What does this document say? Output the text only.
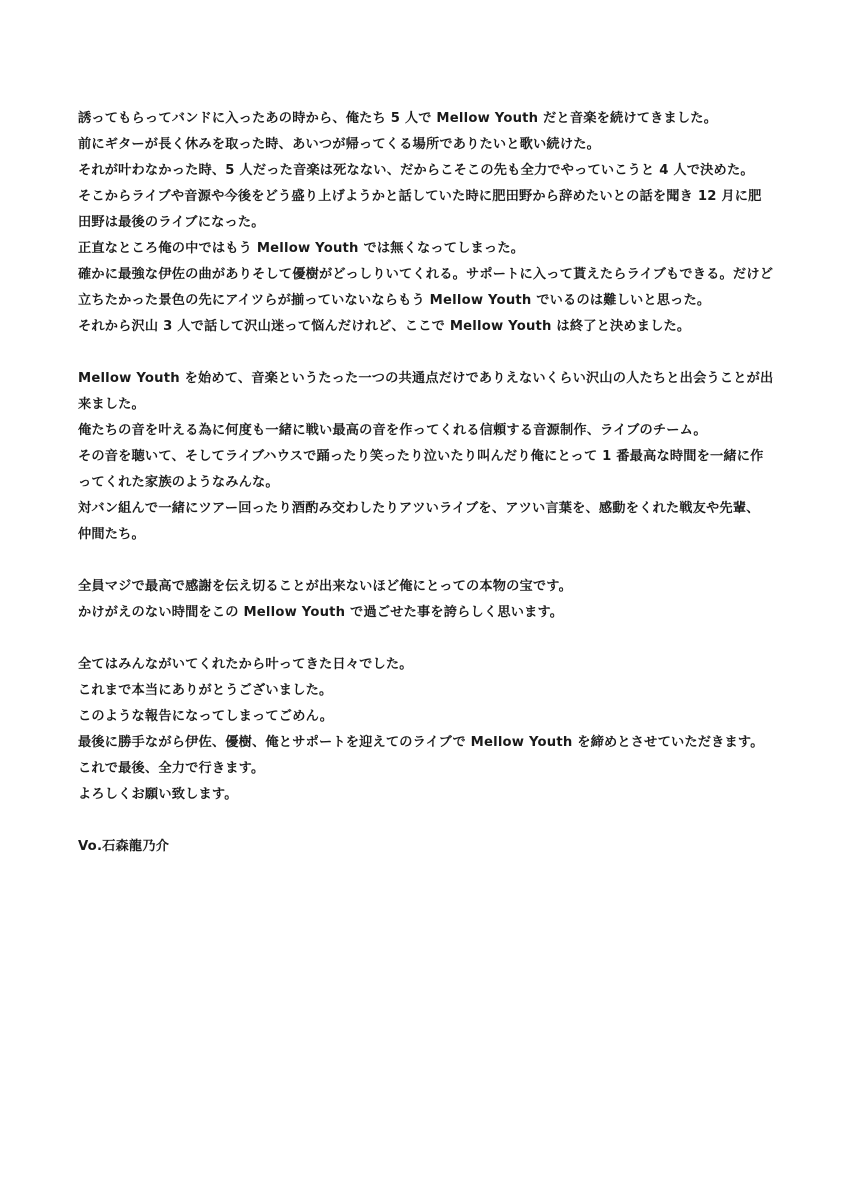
誘ってもらってバンドに入ったあの時から、俺たち 5 人で Mellow Youth だと音楽を続けてきました。
前にギターが長く休みを取った時、あいつが帰ってくる場所でありたいと歌い続けた。
それが叶わなかった時、5 人だった音楽は死なない、だからこそこの先も全力でやっていこうと 4 人で決めた。
そこからライブや音源や今後をどう盛り上げようかと話していた時に肥田野から辞めたいとの話を聞き 12 月に肥
田野は最後のライブになった。
正直なところ俺の中ではもう Mellow Youth では無くなってしまった。
確かに最強な伊佐の曲がありそして優樹がどっしりいてくれる。サポートに入って貰えたらライブもできる。だけど
立ちたかった景色の先にアイツらが揃っていないならもう Mellow Youth でいるのは難しいと思った。
それから沢山 3 人で話して沢山迷って悩んだけれど、ここで Mellow Youth は終了と決めました。
Mellow Youth を始めて、音楽というたった一つの共通点だけでありえないくらい沢山の人たちと出会うことが出
来ました。
俺たちの音を叶える為に何度も一緒に戦い最高の音を作ってくれる信頼する音源制作、ライブのチーム。
その音を聴いて、そしてライブハウスで踊ったり笑ったり泣いたり叫んだり俺にとって 1 番最高な時間を一緒に作
ってくれた家族のようなみんな。
対バン組んで一緒にツアー回ったり酒酌み交わしたりアツいライブを、アツい言葉を、感動をくれた戦友や先輩、
仲間たち。
全員マジで最高で感謝を伝え切ることが出来ないほど俺にとっての本物の宝です。
かけがえのない時間をこの Mellow Youth で過ごせた事を誇らしく思います。
全てはみんながいてくれたから叶ってきた日々でした。
これまで本当にありがとうございました。
このような報告になってしまってごめん。
最後に勝手ながら伊佐、優樹、俺とサポートを迎えてのライブで Mellow Youth を締めとさせていただきます。
これで最後、全力で行きます。
よろしくお願い致します。
Vo.石森龍乃介
